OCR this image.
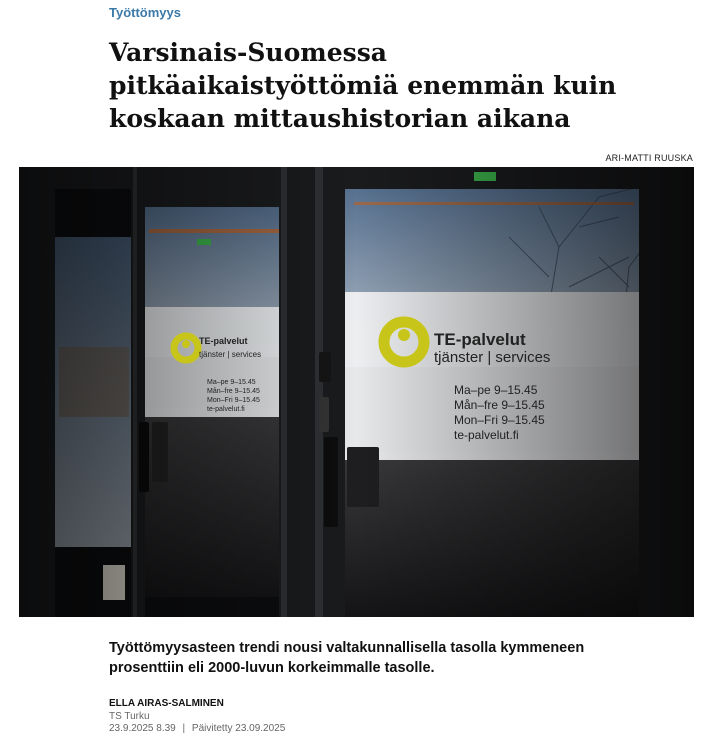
Työttömyys
Varsinais-Suomessa pitkäaikaistyöttömiä enemmän kuin koskaan mittaushistorian aikana
ARI-MATTI RUUSKA
TE-palvelut
tjänster | services
Ma–pe 9–15.45
Mån–fre 9–15.45
Mon–Fri 9–15.45
te-palvelut.fi
TE-palvelut
tjänster | services
Ma–pe 9–15.45
Mån–fre 9–15.45
Mon–Fri 9–15.45
te-palvelut.fi

Työttömyysasteen trendi nousi valtakunnallisella tasolla kymmeneen prosenttiin eli 2000-luvun korkeimmalle tasolle.

ELLA AIRAS-SALMINEN
TS Turku
23.9.2025 8.39 | Päivitetty 23.09.2025
